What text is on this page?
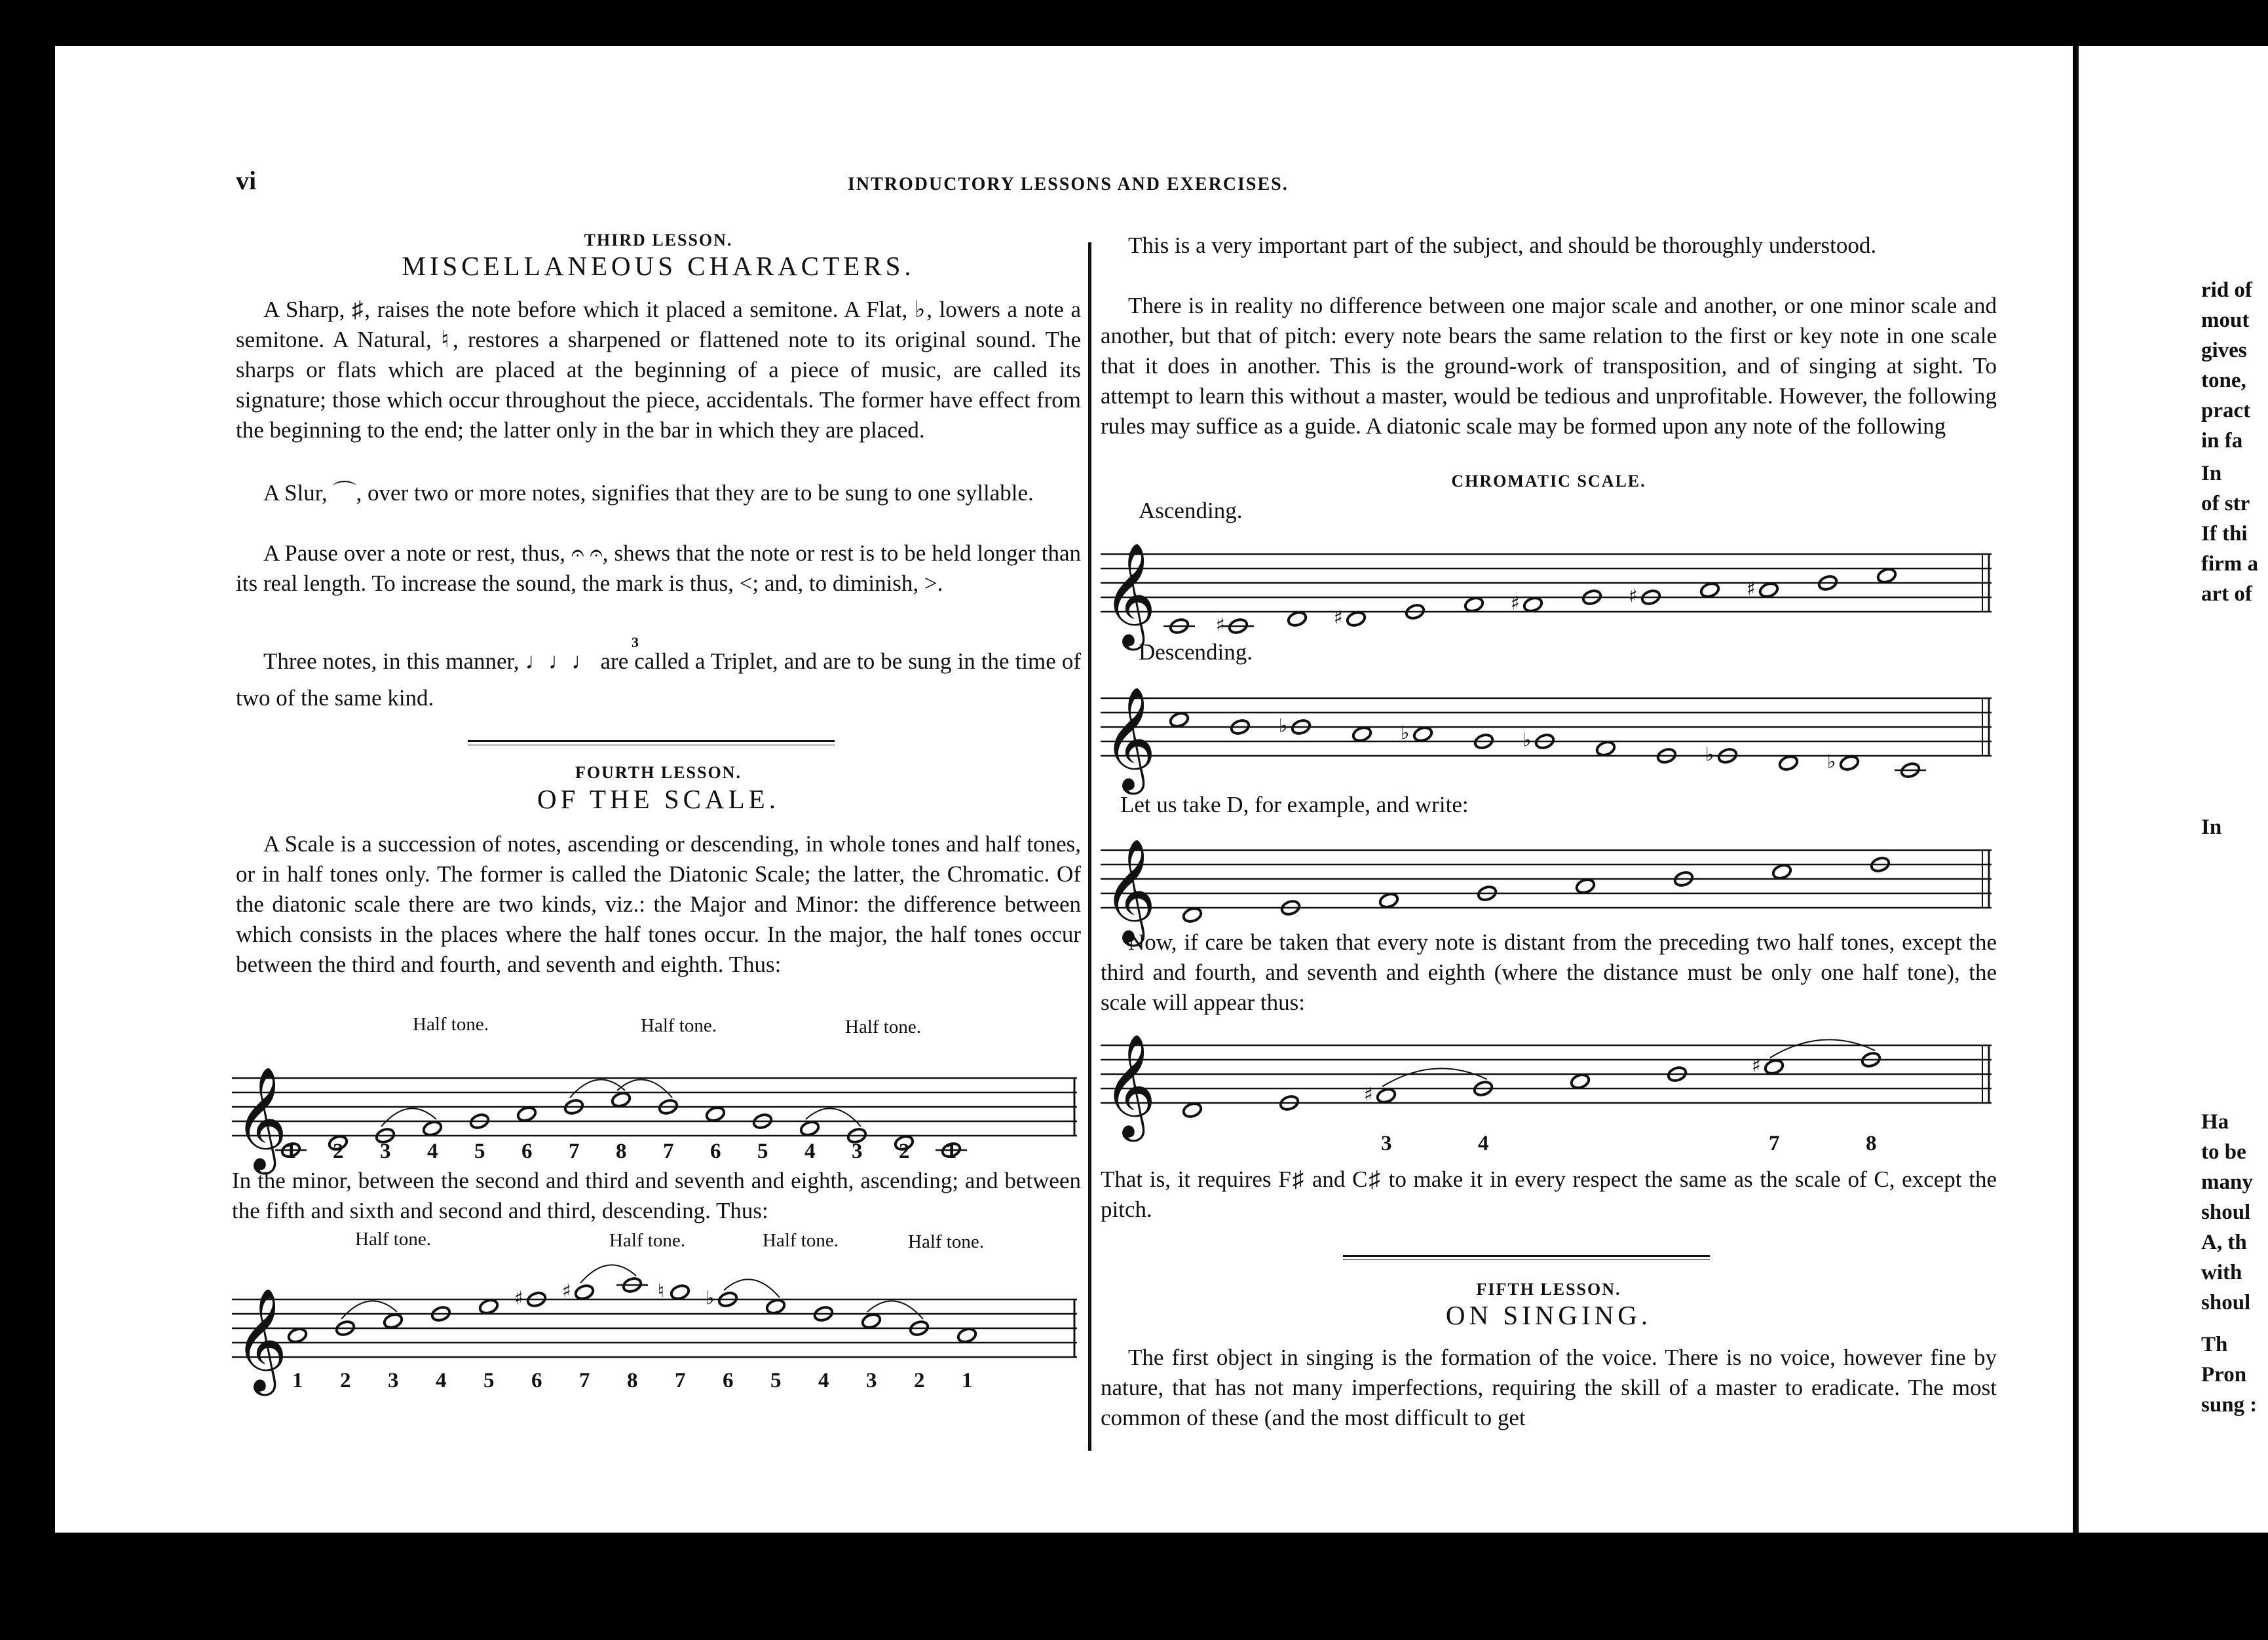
vi	INTRODUCTORY LESSONS AND EXERCISES.
THIRD LESSON.
MISCELLANEOUS CHARACTERS.
A Sharp, ♯, raises the note before which it placed a semitone. A Flat, ♭, lowers a note a semitone. A Natural, ♮, restores a sharpened or flattened note to its original sound. The sharps or flats which are placed at the beginning of a piece of music, are called its signature; those which occur throughout the piece, accidentals. The former have effect from the beginning to the end; the latter only in the bar in which they are placed.
A Slur, ⌒, over two or more notes, signifies that they are to be sung to one syllable.
A Pause over a note or rest, thus, 𝄐 𝄐, shews that the note or rest is to be held longer than its real length. To increase the sound, the mark is thus, <; and, to diminish, >.
Three notes, in this manner, ♩♩♩ are called a Triplet, and are to be sung in the time of two of the same kind.
3
FOURTH LESSON.
OF THE SCALE.
A Scale is a succession of notes, ascending or descending, in whole tones and half tones, or in half tones only. The former is called the Diatonic Scale; the latter, the Chromatic. Of the diatonic scale there are two kinds, viz.: the Major and Minor: the difference between which consists in the places where the half tones occur. In the major, the half tones occur between the third and fourth, and seventh and eighth. Thus:
Half tone.	Half tone.	Half tone.
𝄞
1 2 3 4 5 6 7 8 7 6 5 4 3 2 1
In the minor, between the second and third and seventh and eighth, ascending; and between the fifth and sixth and second and third, descending. Thus:
Half tone.	Half tone.	Half tone.	Half tone.
𝄞	♯ ♯	♮ ♭
1 2 3 4 5 6 7 8 7 6 5 4 3 2 1
This is a very important part of the subject, and should be thoroughly understood.
There is in reality no difference between one major scale and another, or one minor scale and another, but that of pitch: every note bears the same relation to the first or key note in one scale that it does in another. This is the ground-work of transposition, and of singing at sight. To attempt to learn this without a master, would be tedious and unprofitable. However, the following rules may suffice as a guide. A diatonic scale may be formed upon any note of the following
CHROMATIC SCALE.
Ascending.
𝄞	♯	♯
♯	♯	♯
Descending.
𝄞	♭	♭	♭
♭	♭
Let us take D, for example, and write:
𝄞
Now, if care be taken that every note is distant from the preceding two half tones, except the third and fourth, and seventh and eighth (where the distance must be only one half tone), the scale will appear thus:
𝄞	♯
♯
3	4	7	8
That is, it requires F♯ and C♯ to make it in every respect the same as the scale of C, except the pitch.
FIFTH LESSON.
ON SINGING.
The first object in singing is the formation of the voice. There is no voice, however fine by nature, that has not many imperfections, requiring the skill of a master to eradicate. The most common of these (and the most difficult to get
rid of
mout
gives
tone,
pract
in fa
In
of str
If thi
firm a
art of
In
Ha
to be
many
shoul
A, th
with
shoul
Th
Pron
sung :
